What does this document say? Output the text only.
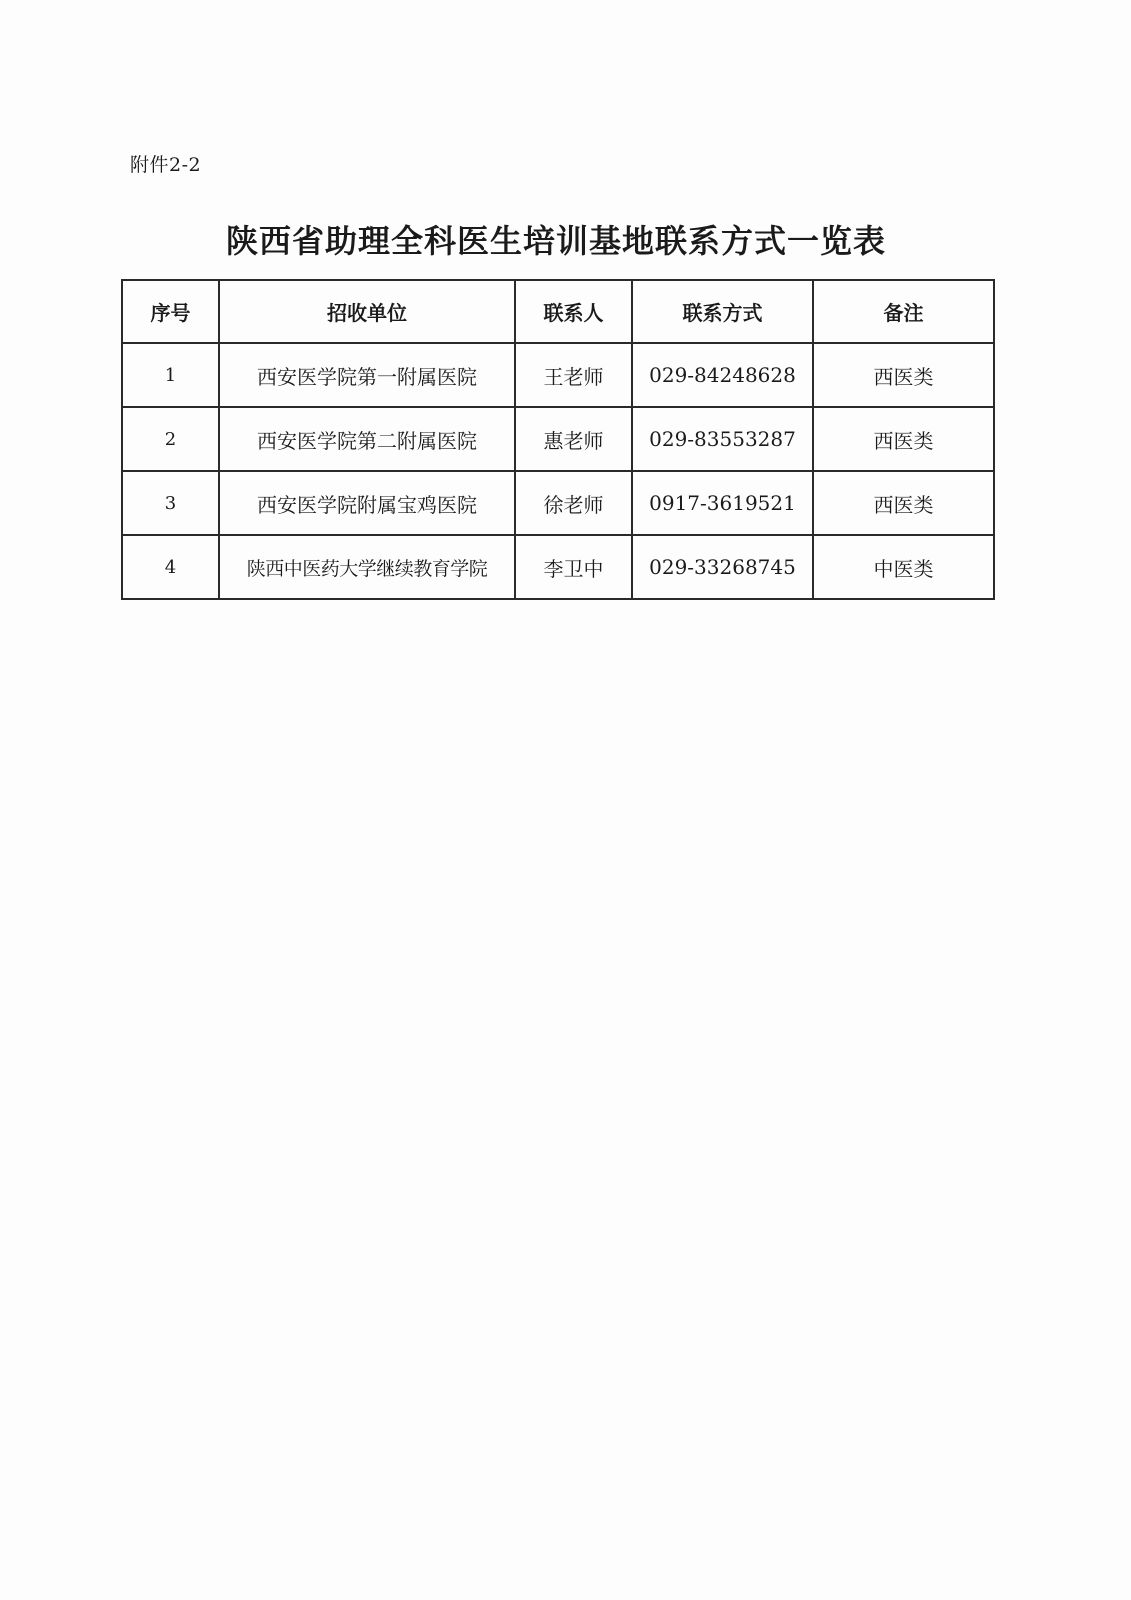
附件2-2
陕西省助理全科医生培训基地联系方式一览表
序号	招收单位	联系人	联系方式	备注
1	西安医学院第一附属医院	王老师	029-84248628	西医类
2	西安医学院第二附属医院	惠老师	029-83553287	西医类
3	西安医学院附属宝鸡医院	徐老师	0917-3619521	西医类
4	陕西中医药大学继续教育学院	李卫中	029-33268745	中医类
